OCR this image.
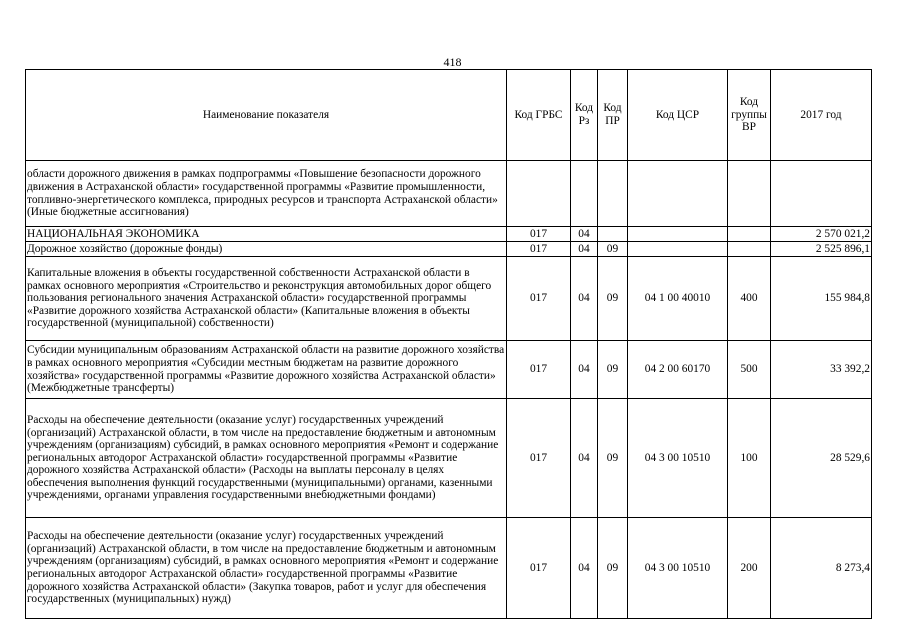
418
Наименование показателя	Код ГРБС	Код Рз	Код ПР	Код ЦСР	Код группы ВР	2017 год
области дорожного движения в рамках подпрограммы «Повышение безопасности дорожного движения в Астраханской области» государственной программы «Развитие промышленности, топливно-энергетического комплекса, природных ресурсов и транспорта Астраханской области» (Иные бюджетные ассигнования)						
НАЦИОНАЛЬНАЯ ЭКОНОМИКА	017	04				2 570 021,2
Дорожное хозяйство (дорожные фонды)	017	04	09			2 525 896,1
Капитальные вложения в объекты государственной собственности Астраханской области в рамках основного мероприятия «Строительство и реконструкция автомобильных дорог общего пользования регионального значения Астраханской области» государственной программы «Развитие дорожного хозяйства Астраханской области» (Капитальные вложения в объекты государственной (муниципальной) собственности)	017	04	09	04 1 00 40010	400	155 984,8
Субсидии муниципальным образованиям Астраханской области на развитие дорожного хозяйства в рамках основного мероприятия «Субсидии местным бюджетам на развитие дорожного хозяйства» государственной программы «Развитие дорожного хозяйства Астраханской области» (Межбюджетные трансферты)	017	04	09	04 2 00 60170	500	33 392,2
Расходы на обеспечение деятельности (оказание услуг) государственных учреждений (организаций) Астраханской области, в том числе на предоставление бюджетным и автономным учреждениям (организациям) субсидий, в рамках основного мероприятия «Ремонт и содержание региональных автодорог Астраханской области» государственной программы «Развитие дорожного хозяйства Астраханской области» (Расходы на выплаты персоналу в целях обеспечения выполнения функций государственными (муниципальными) органами, казенными учреждениями, органами управления государственными внебюджетными фондами)	017	04	09	04 3 00 10510	100	28 529,6
Расходы на обеспечение деятельности (оказание услуг) государственных учреждений (организаций) Астраханской области, в том числе на предоставление бюджетным и автономным учреждениям (организациям) субсидий, в рамках основного мероприятия «Ремонт и содержание региональных автодорог Астраханской области» государственной программы «Развитие дорожного хозяйства Астраханской области» (Закупка товаров, работ и услуг для обеспечения государственных (муниципальных) нужд)	017	04	09	04 3 00 10510	200	8 273,4
